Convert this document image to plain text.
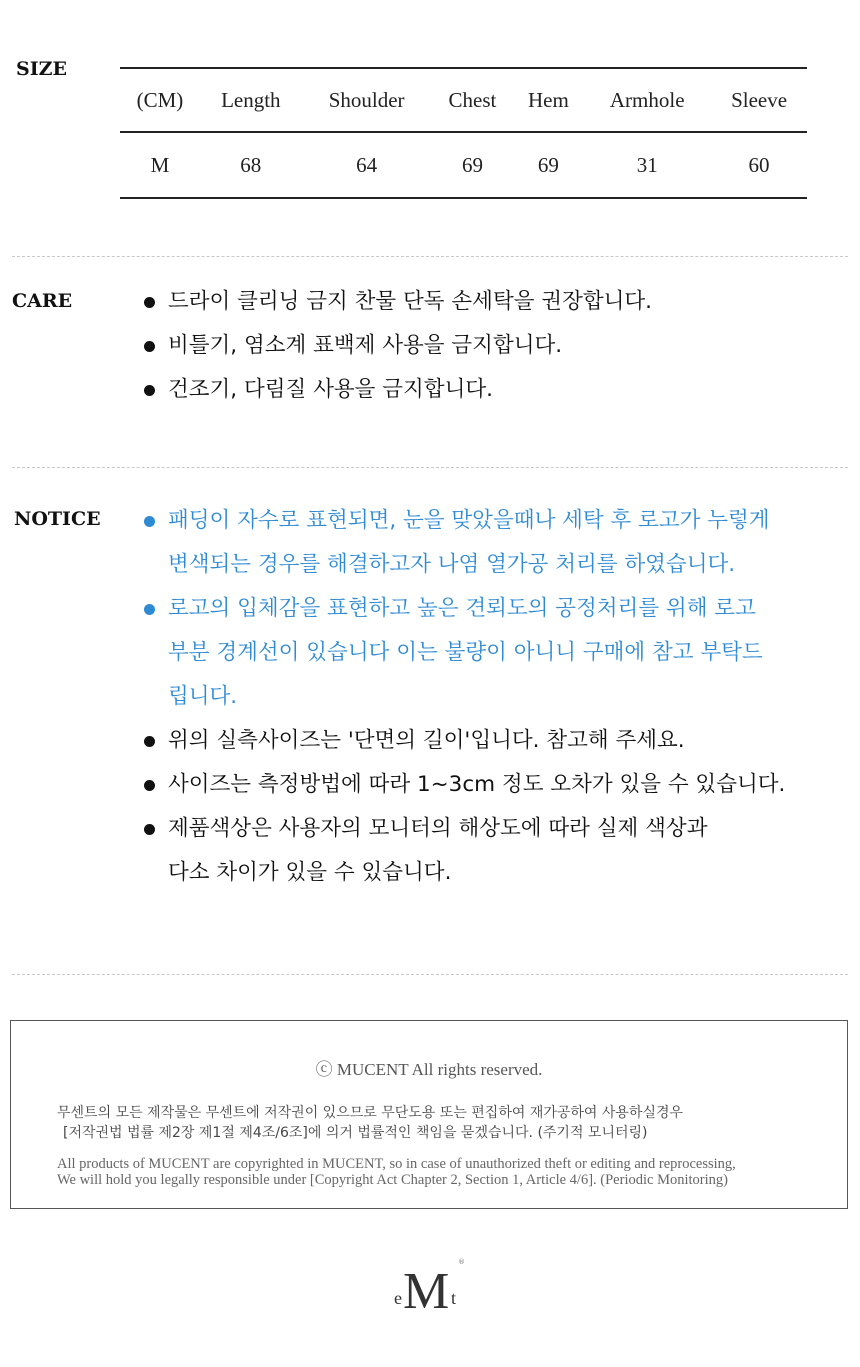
SIZE
(CM)	Length	Shoulder	Chest	Hem	Armhole	Sleeve
M	68	64	69	69	31	60
CARE	드라이 클리닝 금지 찬물 단독 손세탁을 권장합니다.
비틀기, 염소계 표백제 사용을 금지합니다.
건조기, 다림질 사용을 금지합니다.
NOTICE	패딩이 자수로 표현되면, 눈을 맞았을때나 세탁 후 로고가 누렇게
변색되는 경우를 해결하고자 나염 열가공 처리를 하였습니다.
로고의 입체감을 표현하고 높은 견뢰도의 공정처리를 위해 로고
부분 경계선이 있습니다 이는 불량이 아니니 구매에 참고 부탁드
립니다.
위의 실측사이즈는 '단면의 길이'입니다. 참고해 주세요.
사이즈는 측정방법에 따라 1~3cm 정도 오차가 있을 수 있습니다.
제품색상은 사용자의 모니터의 해상도에 따라 실제 색상과
다소 차이가 있을 수 있습니다.
ⓒ MUCENT All rights reserved.
무센트의 모든 제작물은 무센트에 저작권이 있으므로 무단도용 또는 편집하여 재가공하여 사용하실경우
[저작권법 법률 제2장 제1절 제4조/6조]에 의거 법률적인 책임을 묻겠습니다. (주기적 모니터링)
All products of MUCENT are copyrighted in MUCENT, so in case of unauthorized theft or editing and reprocessing,
We will hold you legally responsible under [Copyright Act Chapter 2, Section 1, Article 4/6]. (Periodic Monitoring)
e M t
®
